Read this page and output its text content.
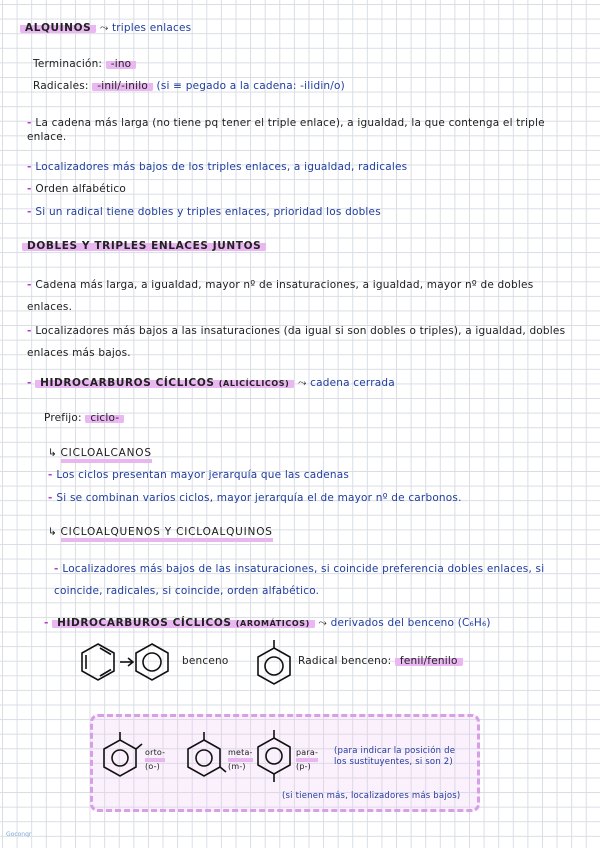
ALQUINOS ⤳ triples enlaces
Terminación: -ino
Radicales: -inil/-inilo (si ≡ pegado a la cadena: -ilidin/o)
- La cadena más larga (no tiene pq tener el triple enlace), a igualdad, la que contenga el triple enlace.
- Localizadores más bajos de los triples enlaces, a igualdad, radicales
- Orden alfabético
- Si un radical tiene dobles y triples enlaces, prioridad los dobles
DOBLES Y TRIPLES ENLACES JUNTOS
- Cadena más larga, a igualdad, mayor nº de insaturaciones, a igualdad, mayor nº de dobles enlaces.
- Localizadores más bajos a las insaturaciones (da igual si son dobles o triples), a igualdad, dobles enlaces más bajos.
- HIDROCARBUROS CÍCLICOS (ALICÍCLICOS) ⤳ cadena cerrada
Prefijo: ciclo-
↳ CICLOALCANOS
- Los ciclos presentan mayor jerarquía que las cadenas
- Si se combinan varios ciclos, mayor jerarquía el de mayor nº de carbonos.
↳ CICLOALQUENOS Y CICLOALQUINOS
- Localizadores más bajos de las insaturaciones, si coincide preferencia dobles enlaces, si coincide, radicales, si coincide, orden alfabético.
- HIDROCARBUROS CÍCLICOS (AROMÁTICOS) ⤳ derivados del benceno (C₆H₆)
benceno	Radical benceno: fenil/fenilo
orto-
(o-)
meta-
(m-)
para-
(p-)
(para indicar la posición de los sustituyentes, si son 2)
(si tienen más, localizadores más bajos)
Goconqr
